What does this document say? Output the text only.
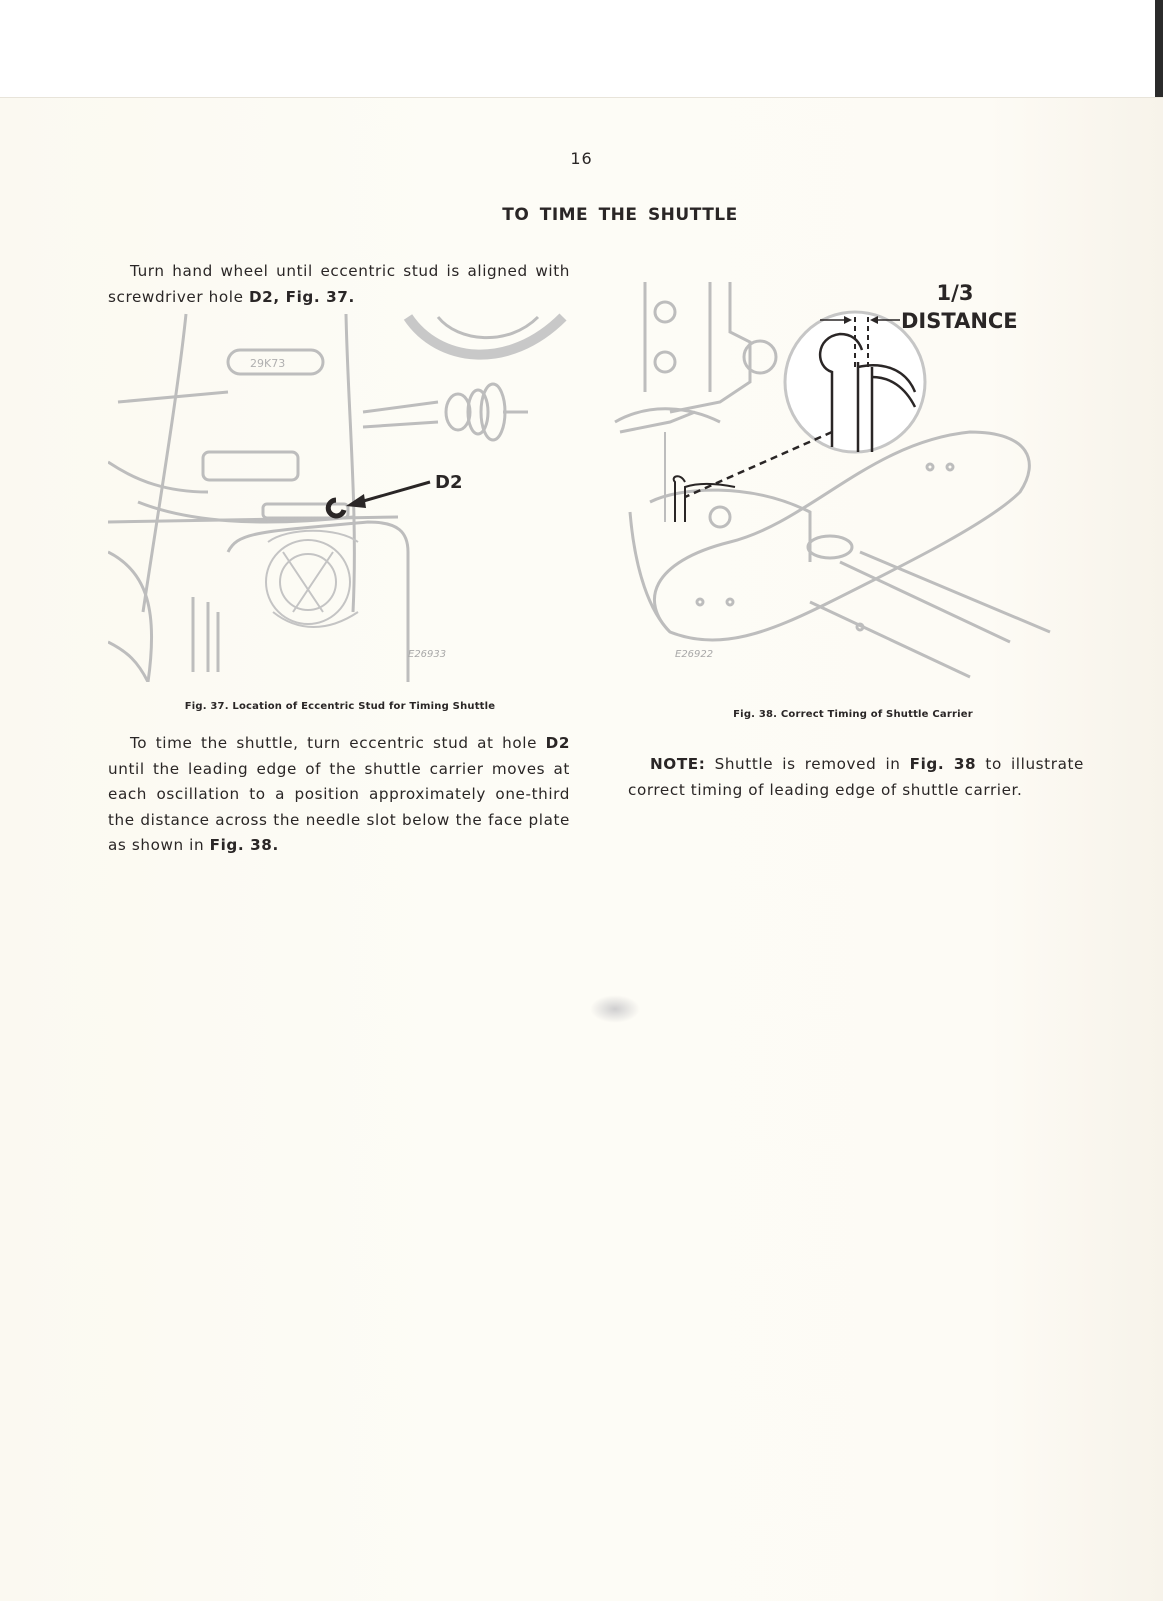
16
TO TIME THE SHUTTLE

Turn hand wheel until eccentric stud is aligned with screwdriver hole D2, Fig. 37.

D2
29K73
E26933
Fig. 37. Location of Eccentric Stud for Timing Shuttle
1/3
DISTANCE
E26922
Fig. 38. Correct Timing of Shuttle Carrier

To time the shuttle, turn eccentric stud at hole D2 until the leading edge of the shuttle carrier moves at each oscillation to a position approximately one-third the distance across the needle slot below the face plate as shown in Fig. 38.

NOTE: Shuttle is removed in Fig. 38 to illustrate correct timing of leading edge of shuttle carrier.
